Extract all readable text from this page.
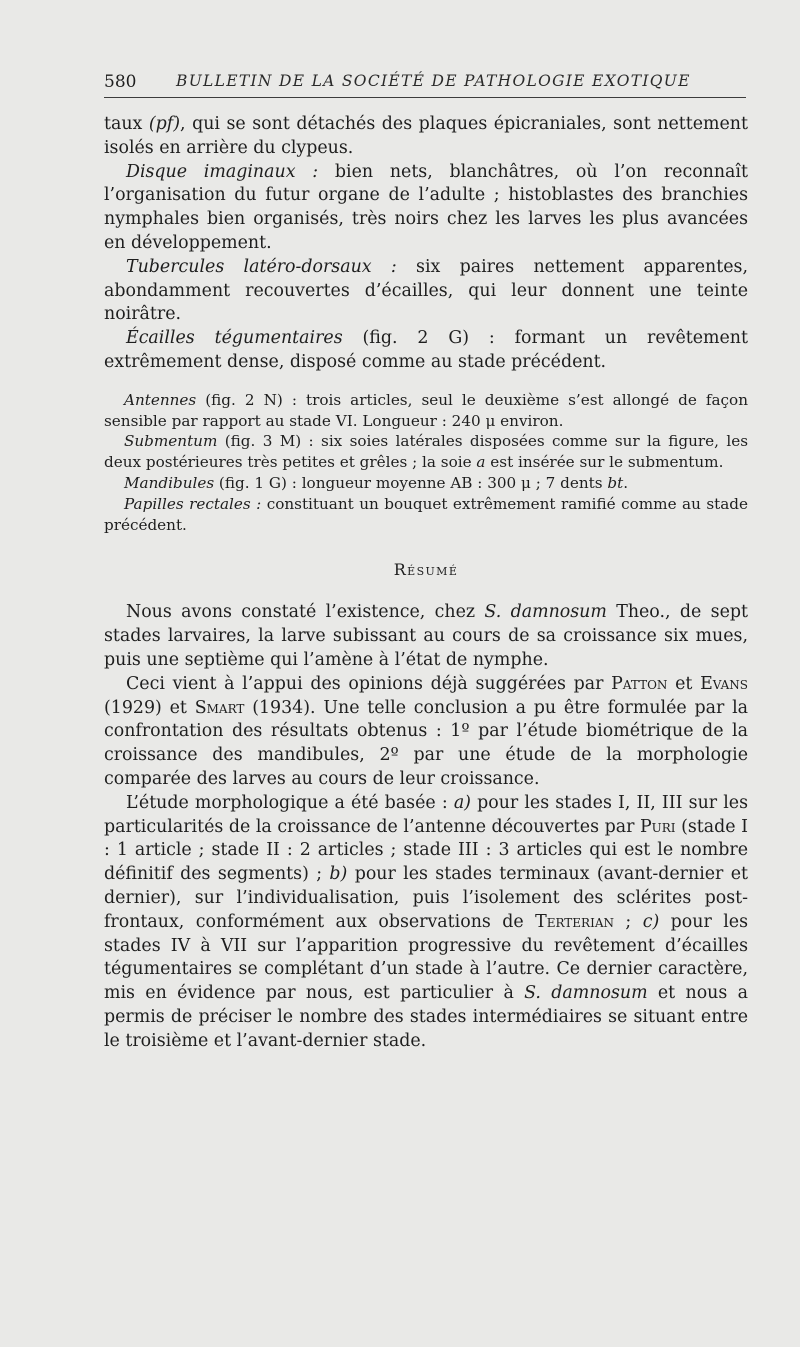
580	BULLETIN DE LA SOCIÉTÉ DE PATHOLOGIE EXOTIQUE

taux (pf), qui se sont détachés des plaques épicraniales, sont nettement isolés en arrière du clypeus.

Disque imaginaux : bien nets, blanchâtres, où l’on reconnaît l’organisation du futur organe de l’adulte ; histoblastes des branchies nymphales bien organisés, très noirs chez les larves les plus avancées en développement.

Tubercules latéro-dorsaux : six paires nettement apparentes, abondamment recouvertes d’écailles, qui leur donnent une teinte noirâtre.

Écailles tégumentaires (fig. 2 G) : formant un revêtement extrêmement dense, disposé comme au stade précédent.

Antennes (fig. 2 N) : trois articles, seul le deuxième s’est allongé de façon sensible par rapport au stade VI. Longueur : 240 μ environ.

Submentum (fig. 3 M) : six soies latérales disposées comme sur la figure, les deux postérieures très petites et grêles ; la soie a est insérée sur le submentum.

Mandibules (fig. 1 G) : longueur moyenne AB : 300 μ ; 7 dents bt.

Papilles rectales : constituant un bouquet extrêmement ramifié comme au stade précédent.

Résumé

Nous avons constaté l’existence, chez S. damnosum Theo., de sept stades larvaires, la larve subissant au cours de sa croissance six mues, puis une septième qui l’amène à l’état de nymphe.

Ceci vient à l’appui des opinions déjà suggérées par Patton et Evans (1929) et Smart (1934). Une telle conclusion a pu être formulée par la confrontation des résultats obtenus : 1º par l’étude biométrique de la croissance des mandibules, 2º par une étude de la morphologie comparée des larves au cours de leur croissance.

L’étude morphologique a été basée : a) pour les stades I, II, III sur les particularités de la croissance de l’antenne découvertes par Puri (stade I : 1 article ; stade II : 2 articles ; stade III : 3 articles qui est le nombre définitif des segments) ; b) pour les stades terminaux (avant-dernier et dernier), sur l’individualisation, puis l’isolement des sclérites post-frontaux, conformément aux observations de Terterian ; c) pour les stades IV à VII sur l’apparition progressive du revêtement d’écailles tégumentaires se complétant d’un stade à l’autre. Ce dernier caractère, mis en évidence par nous, est particulier à S. damnosum et nous a permis de préciser le nombre des stades intermédiaires se situant entre le troisième et l’avant-dernier stade.
